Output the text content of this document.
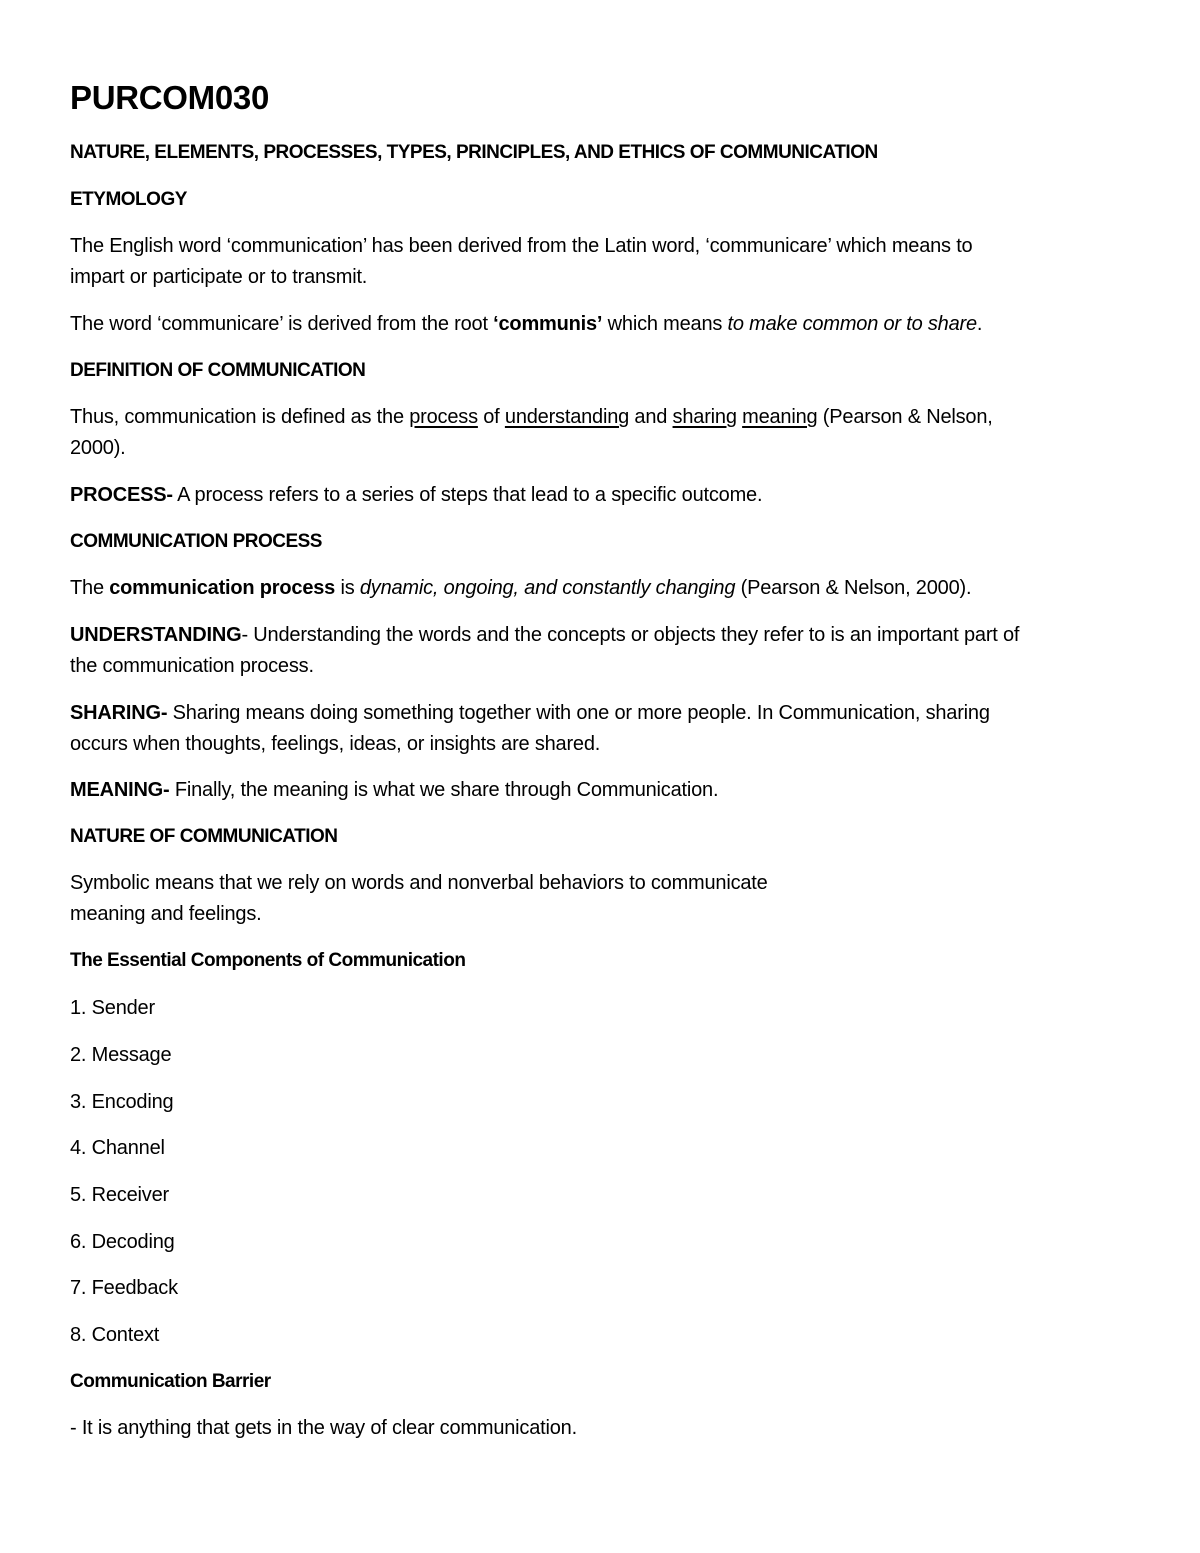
PURCOM030
NATURE, ELEMENTS, PROCESSES, TYPES, PRINCIPLES, AND ETHICS OF COMMUNICATION
ETYMOLOGY
The English word ‘communication’ has been derived from the Latin word, ‘communicare’ which means to
impart or participate or to transmit.
The word ‘communicare’ is derived from the root ‘communis’ which means to make common or to share.
DEFINITION OF COMMUNICATION
Thus, communication is defined as the process of understanding and sharing meaning (Pearson & Nelson,
2000).
PROCESS- A process refers to a series of steps that lead to a specific outcome.
COMMUNICATION PROCESS
The communication process is dynamic, ongoing, and constantly changing (Pearson & Nelson, 2000).
UNDERSTANDING- Understanding the words and the concepts or objects they refer to is an important part of
the communication process.
SHARING- Sharing means doing something together with one or more people. In Communication, sharing
occurs when thoughts, feelings, ideas, or insights are shared.
MEANING- Finally, the meaning is what we share through Communication.
NATURE OF COMMUNICATION
Symbolic means that we rely on words and nonverbal behaviors to communicate
meaning and feelings.
The Essential Components of Communication
1. Sender
2. Message
3. Encoding
4. Channel
5. Receiver
6. Decoding
7. Feedback
8. Context
Communication Barrier
- It is anything that gets in the way of clear communication.
